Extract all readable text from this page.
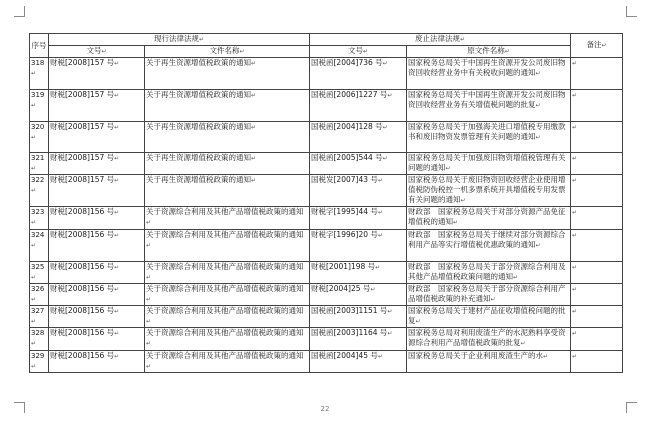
序号	现行法律法规↵		废止法律法规↵		备注↵
	文号↵	文件名称↵	文号↵	原文件名称↵	
318↵	财税[2008]157 号↵	关于再生资源增值税政策的通知↵	国税函[2004]736 号↵	国家税务总局关于中国再生资源开发公司废旧物资回收经营业务中有关税收问题的通知↵	↵
319↵	财税[2008]157 号↵	关于再生资源增值税政策的通知↵	国税函[2006]1227 号↵	国家税务总局关于中国再生资源开发公司废旧物资回收经营业务有关增值税问题的批复↵	↵
320↵	财税[2008]157 号↵	关于再生资源增值税政策的通知↵	国税函[2004]128 号↵	国家税务总局关于加强海关进口增值税专用缴款书和废旧物资发票管理有关问题的通知↵	↵
321↵	财税[2008]157 号↵	关于再生资源增值税政策的通知↵	国税函[2005]544 号↵	国家税务总局关于加强废旧物资增值税管理有关问题的通知↵	↵
322↵	财税[2008]157 号↵	关于再生资源增值税政策的通知↵	国税发[2007]43 号↵	国家税务总局关于废旧物资回收经营企业使用增值税防伪税控一机多票系统开具增值税专用发票有关问题的通知↵	↵
323↵	财税[2008]156 号↵	关于资源综合利用及其他产品增值税政策的通知↵	财税字[1995]44 号↵	财政部　国家税务总局关于对部分资源产品免征增值税的通知↵	↵
324↵	财税[2008]156 号↵	关于资源综合利用及其他产品增值税政策的通知↵	财税字[1996]20 号↵	财政部　国家税务总局关于继续对部分资源综合利用产品等实行增值税优惠政策的通知↵	↵
325↵	财税[2008]156 号↵	关于资源综合利用及其他产品增值税政策的通知↵	财税[2001]198 号↵	财政部　国家税务总局关于部分资源综合利用及其他产品增值税政策问题的通知↵	↵
326↵	财税[2008]156 号↵	关于资源综合利用及其他产品增值税政策的通知↵	财税[2004]25 号↵	财政部　国家税务总局关于部分资源综合利用产品增值税政策的补充通知↵	↵
327↵	财税[2008]156 号↵	关于资源综合利用及其他产品增值税政策的通知↵	国税函[2003]1151 号↵	国家税务总局关于建材产品征收增值税问题的批复↵	↵
328↵	财税[2008]156 号↵	关于资源综合利用及其他产品增值税政策的通知↵	国税函[2003]1164 号↵	国家税务总局对利用废渣生产的水泥熟料享受资源综合利用产品增值税政策的批复↵	↵
329↵	财税[2008]156 号↵	关于资源综合利用及其他产品增值税政策的通知↵	国税函[2004]45 号↵	国家税务总局关于企业利用废渣生产的水↵	↵
22
